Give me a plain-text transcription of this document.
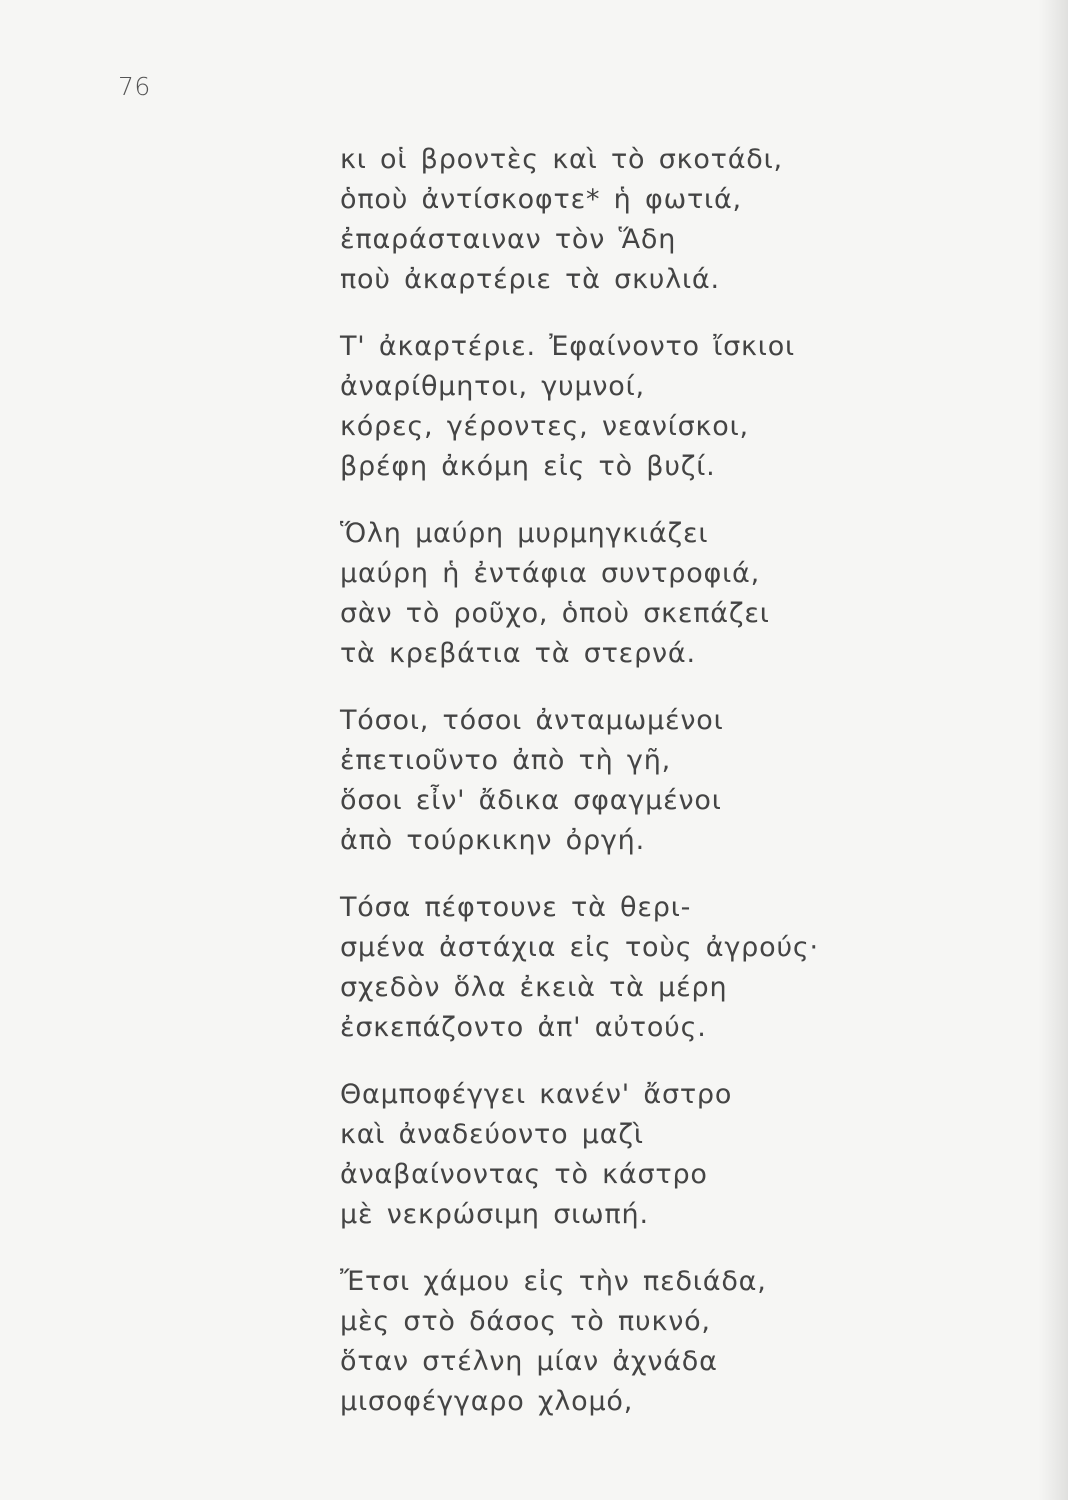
76
κι οἱ βροντὲς καὶ τὸ σκοτάδι,
ὁποὺ ἀντίσκοφτε* ἡ φωτιά,
ἐπαράσταιναν τὸν Ἅδη
ποὺ ἀκαρτέριε τὰ σκυλιά.
Τ' ἀκαρτέριε. Ἐφαίνοντο ἴσκιοι
ἀναρίθμητοι, γυμνοί,
κόρες, γέροντες, νεανίσκοι,
βρέφη ἀκόμη εἰς τὸ βυζί.
Ὅλη μαύρη μυρμηγκιάζει
μαύρη ἡ ἐντάφια συντροφιά,
σὰν τὸ ροῦχο, ὁποὺ σκεπάζει
τὰ κρεβάτια τὰ στερνά.
Τόσοι, τόσοι ἀνταμωμένοι
ἐπετιοῦντο ἀπὸ τὴ γῆ,
ὅσοι εἶν' ἄδικα σφαγμένοι
ἀπὸ τούρκικην ὀργή.
Τόσα πέφτουνε τὰ θερι-
σμένα ἀστάχια εἰς τοὺς ἀγρούς·
σχεδὸν ὅλα ἐκειὰ τὰ μέρη
ἐσκεπάζοντο ἀπ' αὐτούς.
Θαμποφέγγει κανέν' ἄστρο
καὶ ἀναδεύοντο μαζὶ
ἀναβαίνοντας τὸ κάστρο
μὲ νεκρώσιμη σιωπή.
Ἔτσι χάμου εἰς τὴν πεδιάδα,
μὲς στὸ δάσος τὸ πυκνό,
ὅταν στέλνη μίαν ἀχνάδα
μισοφέγγαρο χλομό,
